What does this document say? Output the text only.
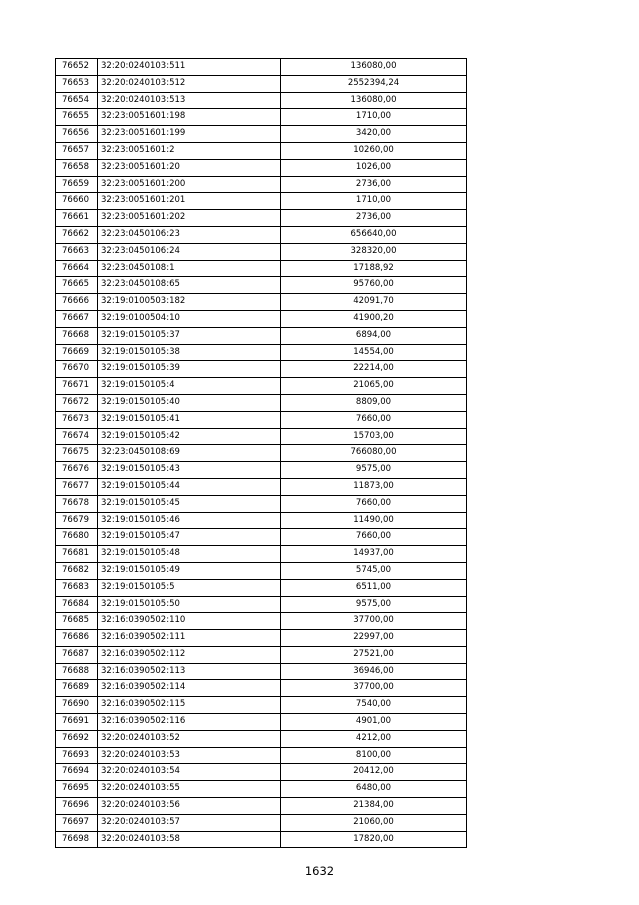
76652	32:20:0240103:511	136080,00
76653	32:20:0240103:512	2552394,24
76654	32:20:0240103:513	136080,00
76655	32:23:0051601:198	1710,00
76656	32:23:0051601:199	3420,00
76657	32:23:0051601:2	10260,00
76658	32:23:0051601:20	1026,00
76659	32:23:0051601:200	2736,00
76660	32:23:0051601:201	1710,00
76661	32:23:0051601:202	2736,00
76662	32:23:0450106:23	656640,00
76663	32:23:0450106:24	328320,00
76664	32:23:0450108:1	17188,92
76665	32:23:0450108:65	95760,00
76666	32:19:0100503:182	42091,70
76667	32:19:0100504:10	41900,20
76668	32:19:0150105:37	6894,00
76669	32:19:0150105:38	14554,00
76670	32:19:0150105:39	22214,00
76671	32:19:0150105:4	21065,00
76672	32:19:0150105:40	8809,00
76673	32:19:0150105:41	7660,00
76674	32:19:0150105:42	15703,00
76675	32:23:0450108:69	766080,00
76676	32:19:0150105:43	9575,00
76677	32:19:0150105:44	11873,00
76678	32:19:0150105:45	7660,00
76679	32:19:0150105:46	11490,00
76680	32:19:0150105:47	7660,00
76681	32:19:0150105:48	14937,00
76682	32:19:0150105:49	5745,00
76683	32:19:0150105:5	6511,00
76684	32:19:0150105:50	9575,00
76685	32:16:0390502:110	37700,00
76686	32:16:0390502:111	22997,00
76687	32:16:0390502:112	27521,00
76688	32:16:0390502:113	36946,00
76689	32:16:0390502:114	37700,00
76690	32:16:0390502:115	7540,00
76691	32:16:0390502:116	4901,00
76692	32:20:0240103:52	4212,00
76693	32:20:0240103:53	8100,00
76694	32:20:0240103:54	20412,00
76695	32:20:0240103:55	6480,00
76696	32:20:0240103:56	21384,00
76697	32:20:0240103:57	21060,00
76698	32:20:0240103:58	17820,00
1632
